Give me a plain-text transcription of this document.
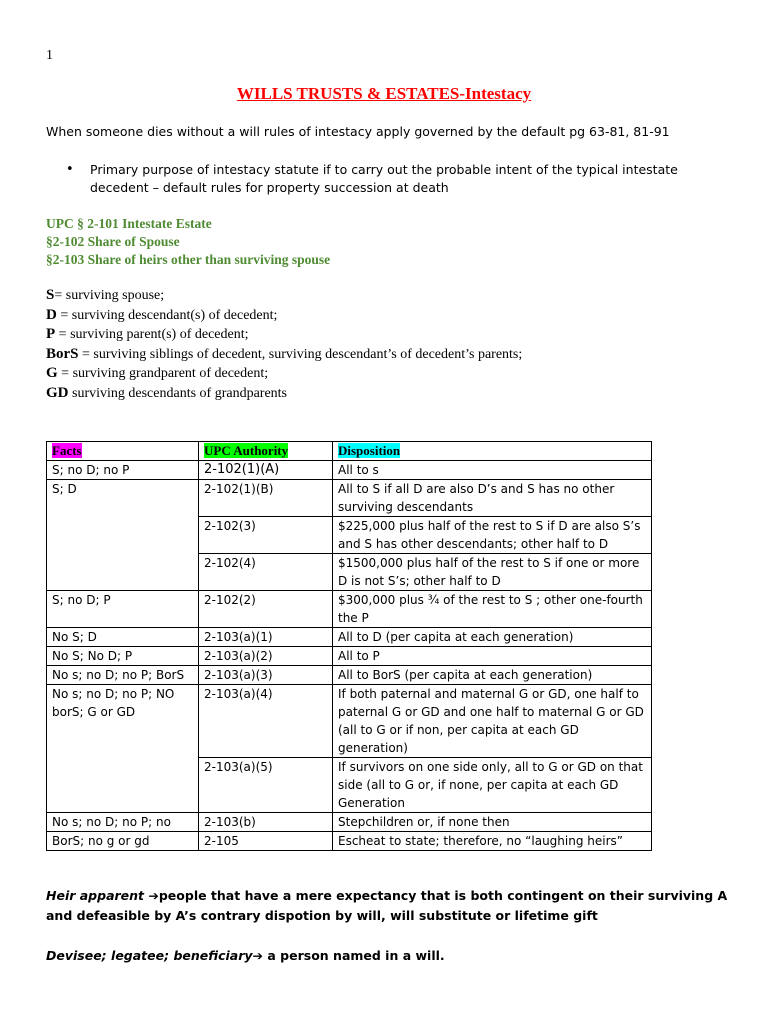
1
WILLS TRUSTS & ESTATES-Intestacy
When someone dies without a will rules of intestacy apply governed by the default pg 63-81, 81-91
•	Primary purpose of intestacy statute if to carry out the probable intent of the typical intestate decedent – default rules for property succession at death
UPC § 2-101 Intestate Estate
§2-102 Share of Spouse
§2-103 Share of heirs other than surviving spouse
S= surviving spouse;
D = surviving descendant(s) of decedent;
P = surviving parent(s) of decedent;
BorS = surviving siblings of decedent, surviving descendant’s of decedent’s parents;
G = surviving grandparent of decedent;
GD surviving descendants of grandparents
Facts	UPC Authority	Disposition
S; no D; no P	2-102(1)(A)	All to s
S; D	2-102(1)(B)	All to S if all D are also D’s and S has no other surviving descendants
	2-102(3)	$225,000 plus half of the rest to S if D are also S’s and S has other descendants; other half to D
	2-102(4)	$1500,000 plus half of the rest to S if one or more D is not S’s; other half to D
S; no D; P	2-102(2)	$300,000 plus ¾ of the rest to S ; other one-fourth the P
No S; D	2-103(a)(1)	All to D (per capita at each generation)
No S; No D; P	2-103(a)(2)	All to P
No s; no D; no P; BorS	2-103(a)(3)	All to BorS (per capita at each generation)
No s; no D; no P; NO borS; G or GD	2-103(a)(4)	If both paternal and maternal G or GD, one half to paternal G or GD and one half to maternal G or GD (all to G or if non, per capita at each GD generation)
	2-103(a)(5)	If survivors on one side only, all to G or GD on that side (all to G or, if none, per capita at each GD Generation
No s; no D; no P; no	2-103(b)	Stepchildren or, if none then
BorS; no g or gd	2-105	Escheat to state; therefore, no “laughing heirs”
Heir apparent ➔people that have a mere expectancy that is both contingent on their surviving A and defeasible by A’s contrary dispotion by will, will substitute or lifetime gift
Devisee; legatee; beneficiary➔ a person named in a will.
